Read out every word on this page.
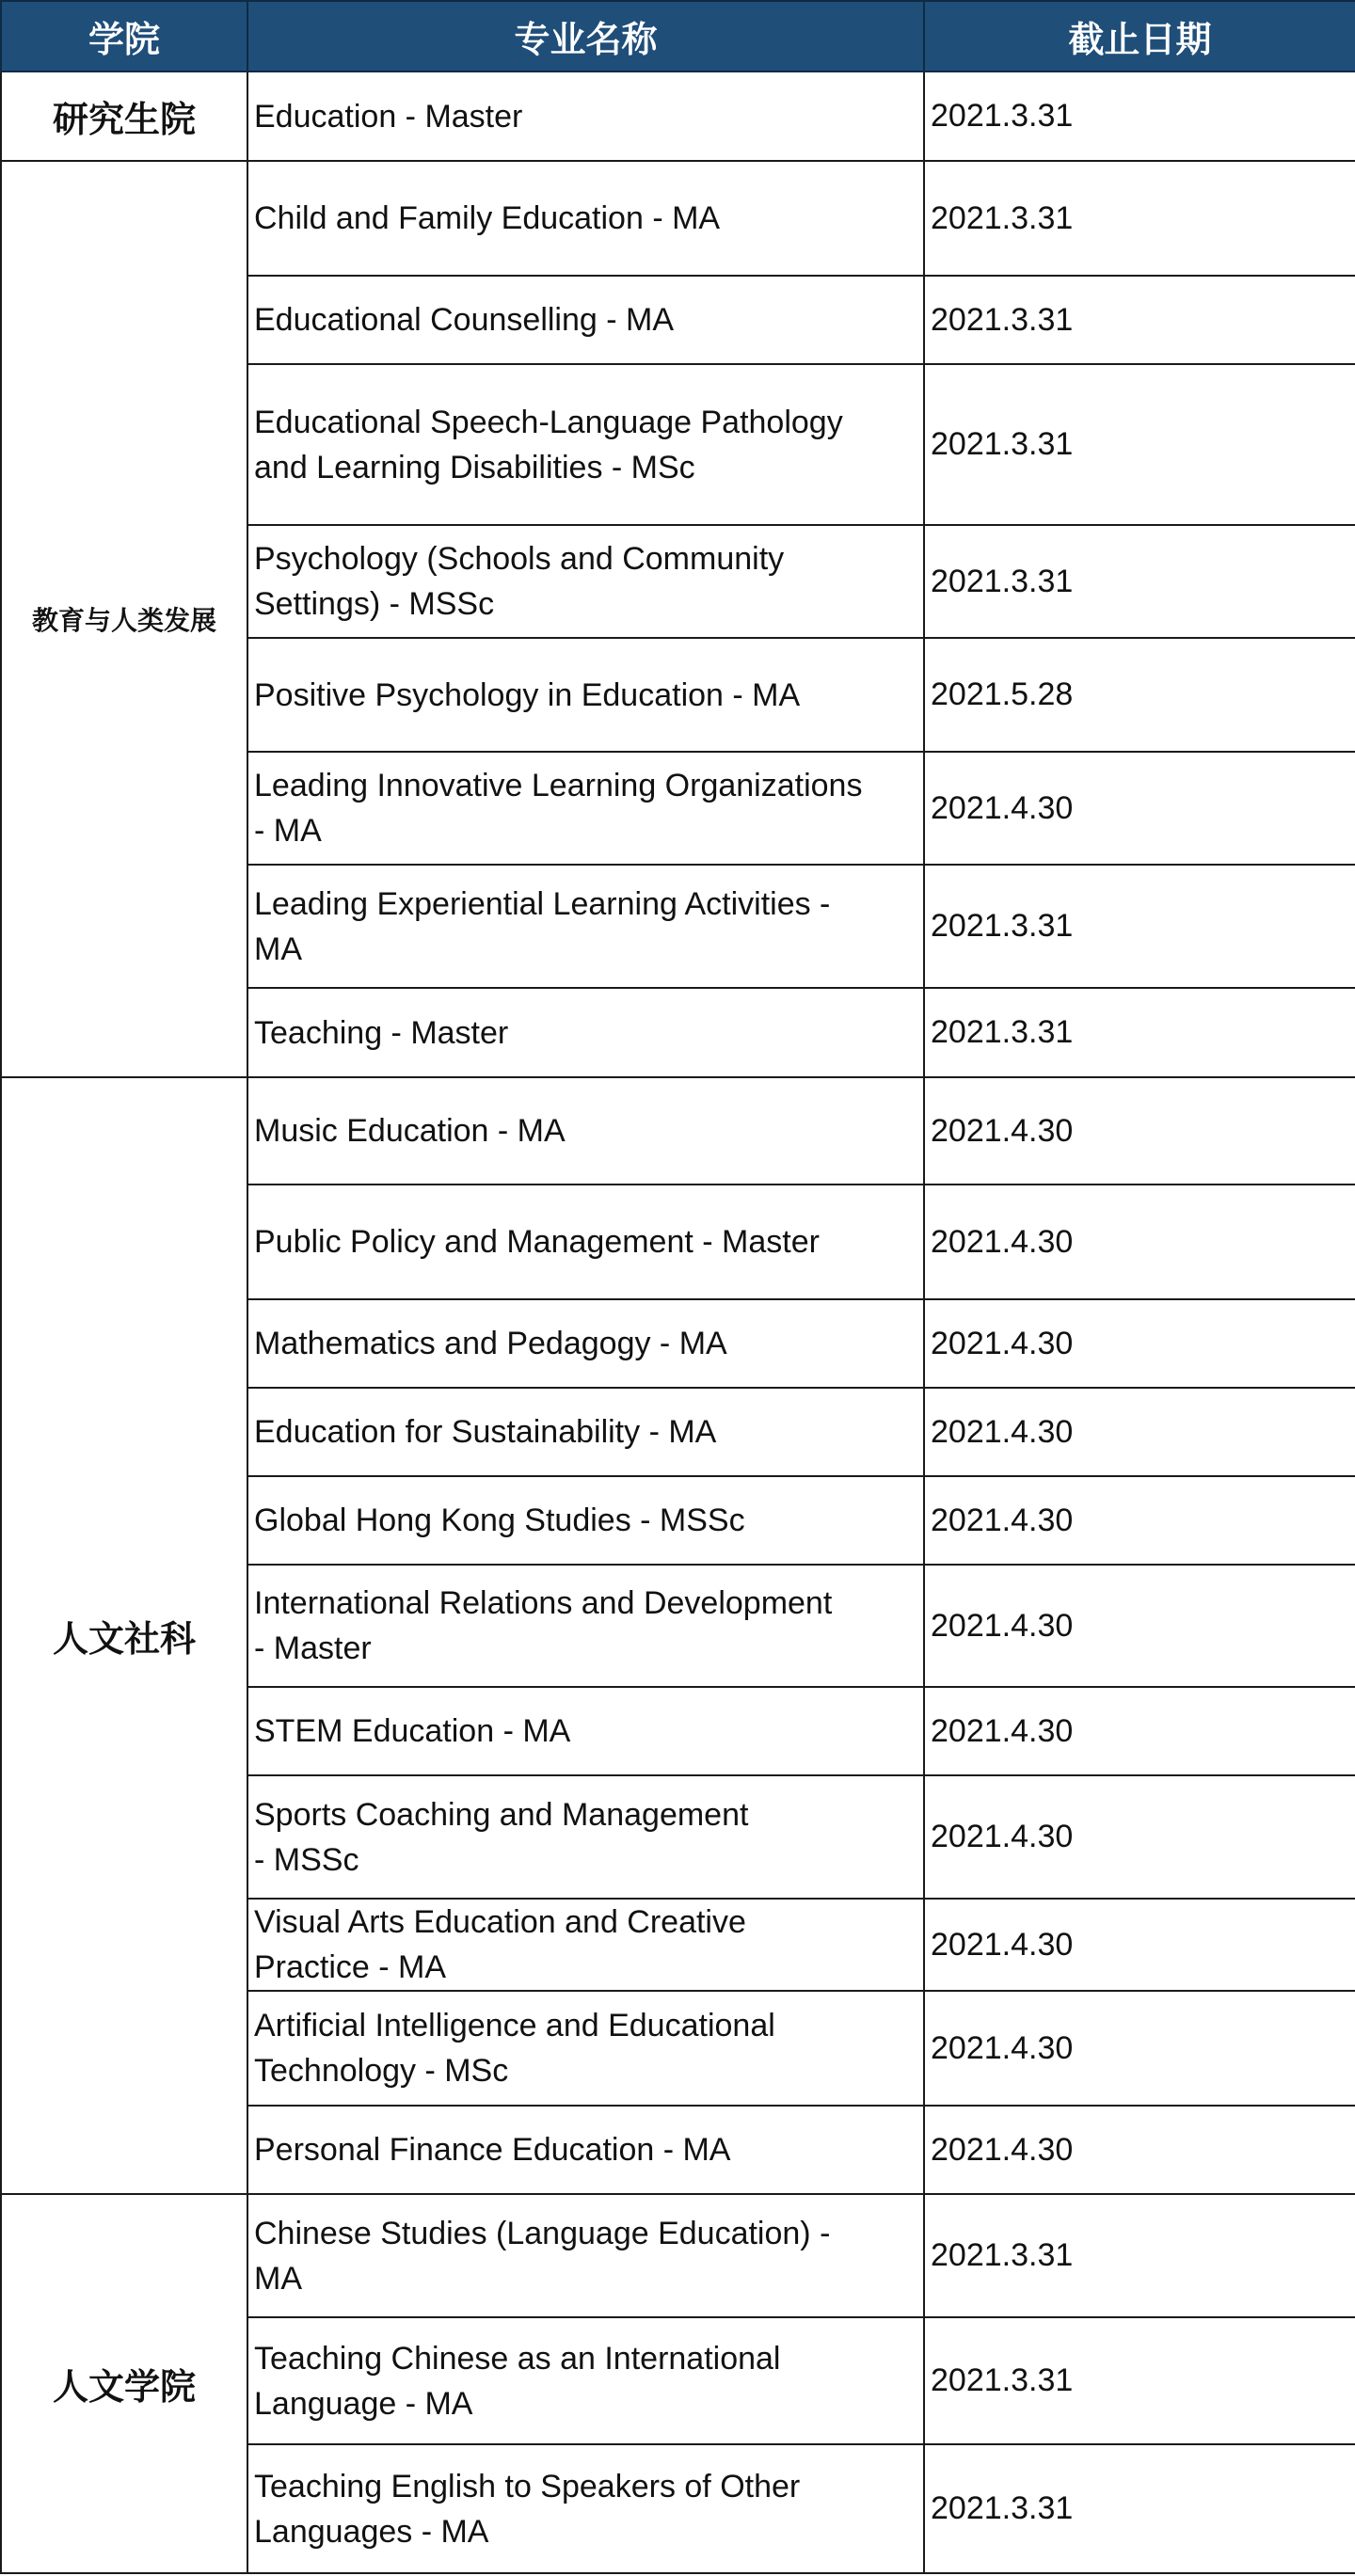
学院	专业名称	截止日期
研究生院	Education - Master	2021.3.31
教育与人类发展	Child and Family Education - MA	2021.3.31
	Educational Counselling - MA	2021.3.31
	Educational Speech-Language Pathology
and Learning Disabilities - MSc	2021.3.31
	Psychology (Schools and Community
Settings) - MSSc	2021.3.31
	Positive Psychology in Education - MA	2021.5.28
	Leading Innovative Learning Organizations
- MA	2021.4.30
	Leading Experiential Learning Activities -
MA	2021.3.31
	Teaching - Master	2021.3.31
人文社科	Music Education - MA	2021.4.30
	Public Policy and Management - Master	2021.4.30
	Mathematics and Pedagogy - MA	2021.4.30
	Education for Sustainability - MA	2021.4.30
	Global Hong Kong Studies - MSSc	2021.4.30
	International Relations and Development
- Master	2021.4.30
	STEM Education - MA	2021.4.30
	Sports Coaching and Management
- MSSc	2021.4.30
	Visual Arts Education and Creative
Practice - MA	2021.4.30
	Artificial Intelligence and Educational
Technology - MSc	2021.4.30
	Personal Finance Education - MA	2021.4.30
人文学院	Chinese Studies (Language Education) -
MA	2021.3.31
	Teaching Chinese as an International
Language - MA	2021.3.31
	Teaching English to Speakers of Other
Languages - MA	2021.3.31
